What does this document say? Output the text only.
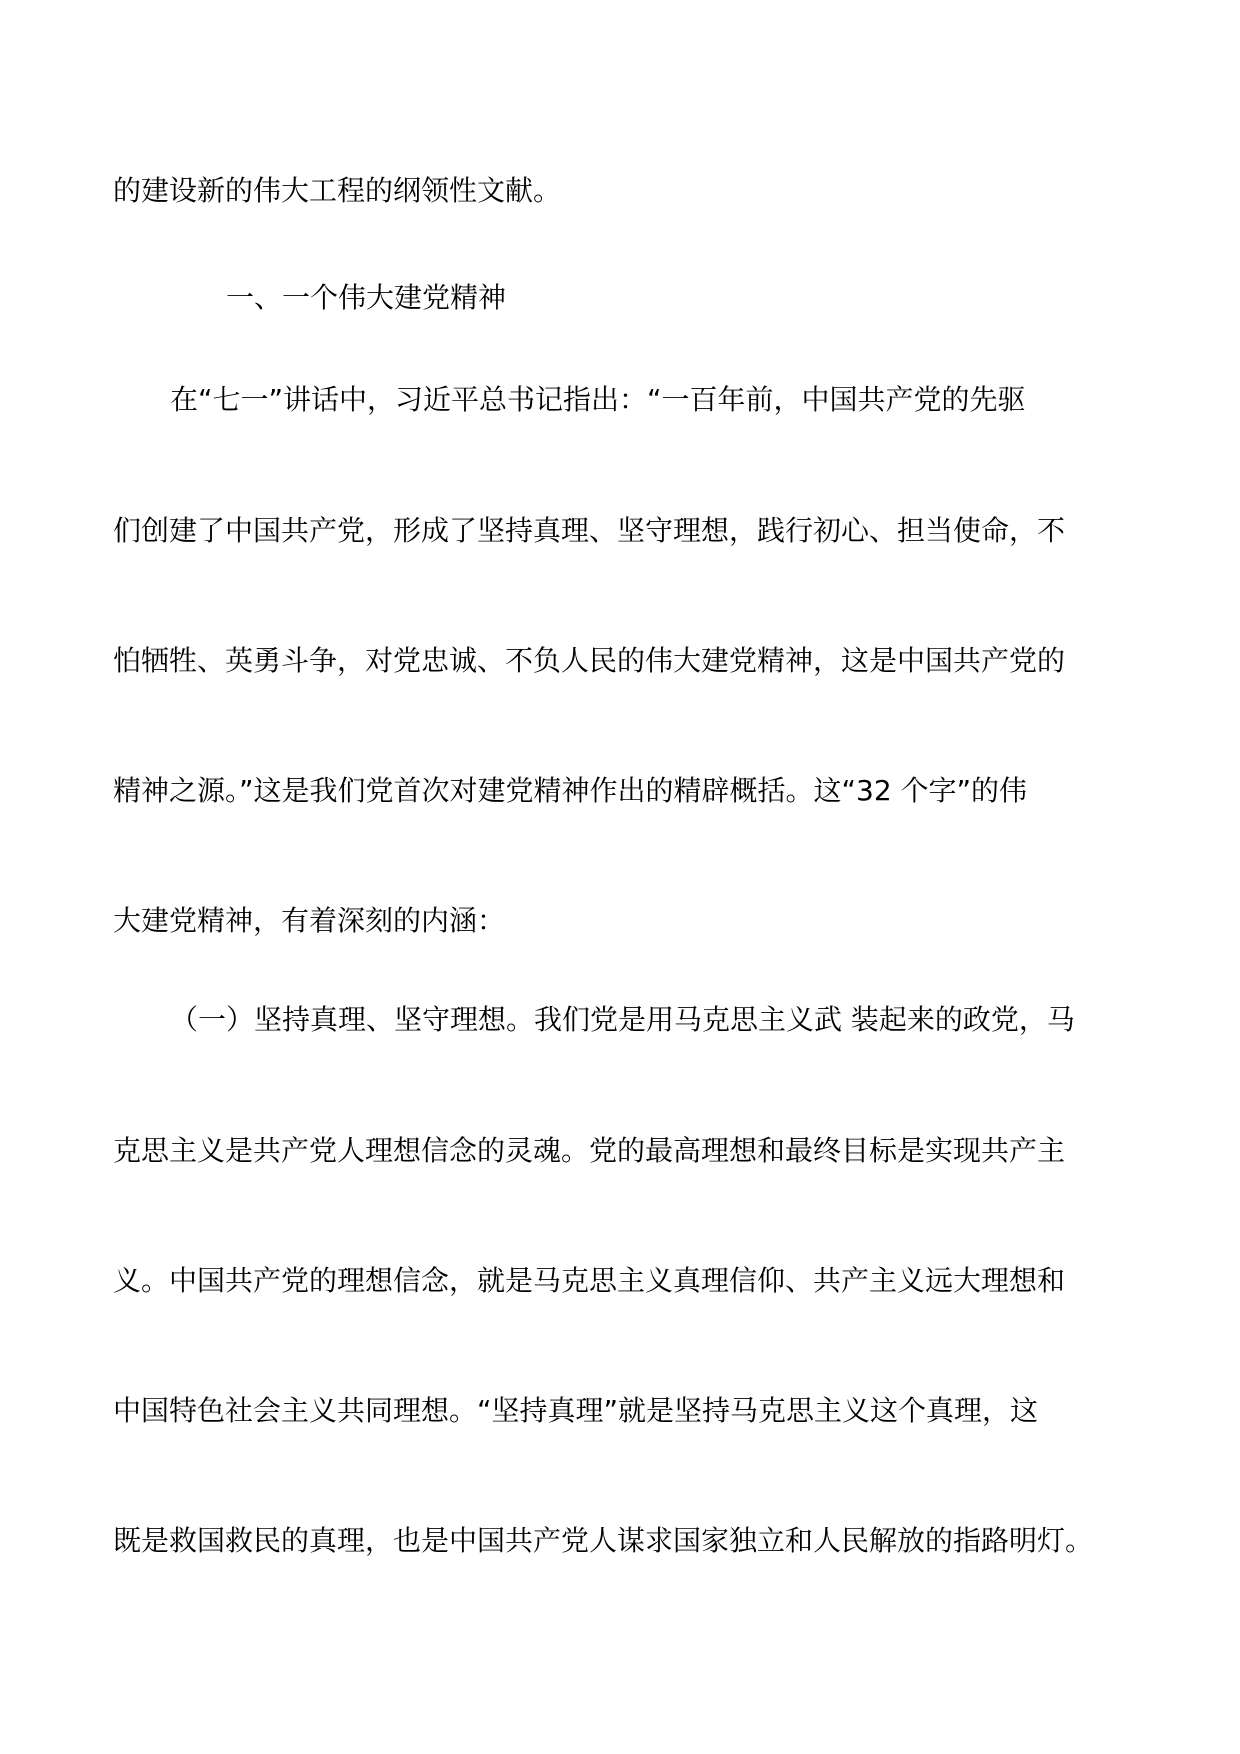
的建设新的伟大工程的纲领性文献。
一、一个伟大建党精神
在“七一”讲话中，习近平总书记指出：“一百年前，中国共产党的先驱
们创建了中国共产党，形成了坚持真理、坚守理想，践行初心、担当使命，不
怕牺牲、英勇斗争，对党忠诚、不负人民的伟大建党精神，这是中国共产党的
精神之源。”这是我们党首次对建党精神作出的精辟概括。这“32 个字”的伟
大建党精神，有着深刻的内涵：
（一）坚持真理、坚守理想。我们党是用马克思主义武 装起来的政党，马
克思主义是共产党人理想信念的灵魂。党的最高理想和最终目标是实现共产主
义。中国共产党的理想信念，就是马克思主义真理信仰、共产主义远大理想和
中国特色社会主义共同理想。“坚持真理”就是坚持马克思主义这个真理，这
既是救国救民的真理，也是中国共产党人谋求国家独立和人民解放的指路明灯。
